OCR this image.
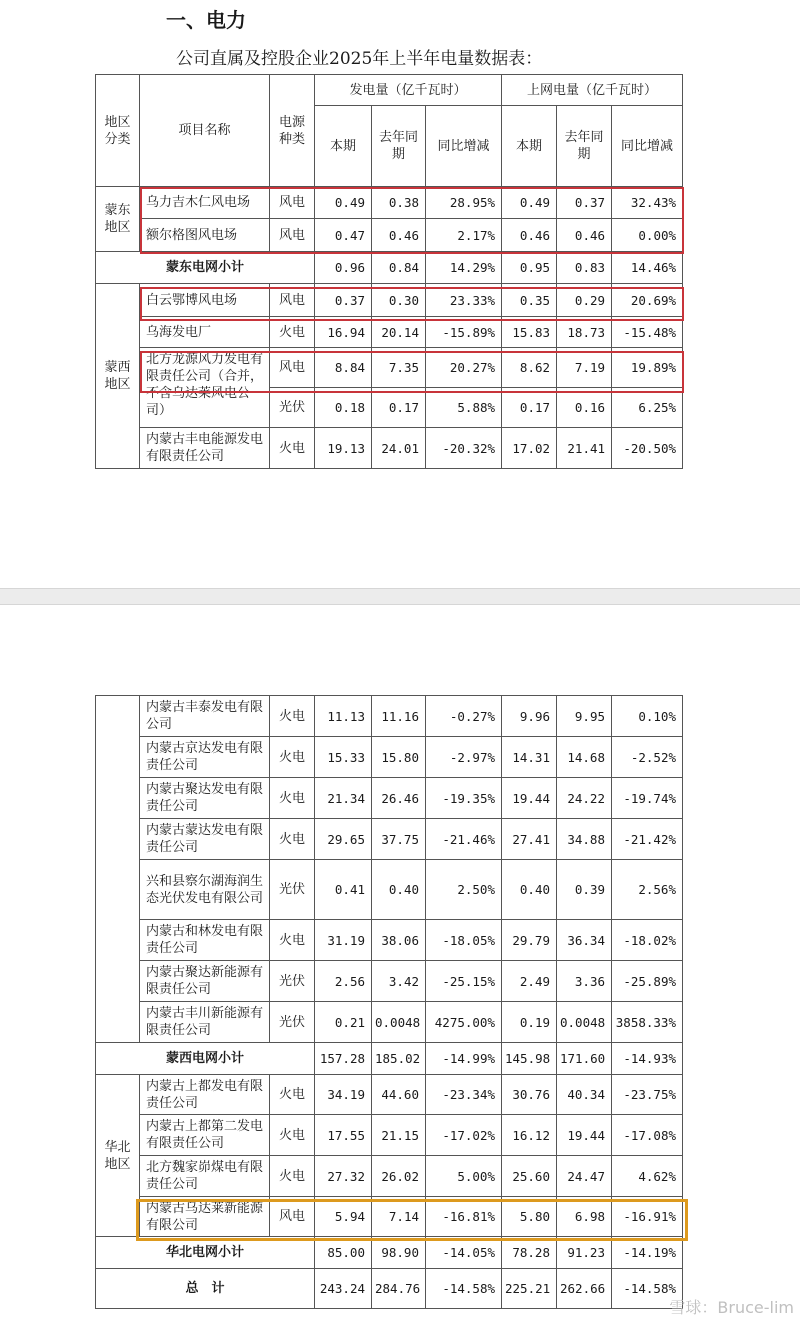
一、电力
公司直属及控股企业2025年上半年电量数据表：
地区分类	项目名称	电源种类	发电量（亿千瓦时）			上网电量（亿千瓦时）		
			本期	去年同期	同比增减	本期	去年同期	同比增减
蒙东地区	乌力吉木仁风电场	风电	0.49	0.38	28.95%	0.49	0.37	32.43%
	额尔格图风电场	风电	0.47	0.46	2.17%	0.46	0.46	0.00%
蒙东电网小计			0.96	0.84	14.29%	0.95	0.83	14.46%
蒙西地区	白云鄂博风电场	风电	0.37	0.30	23.33%	0.35	0.29	20.69%
	乌海发电厂	火电	16.94	20.14	-15.89%	15.83	18.73	-15.48%
	北方龙源风力发电有限责任公司（合并，不含乌达莱风电公司）	风电	8.84	7.35	20.27%	8.62	7.19	19.89%
		光伏	0.18	0.17	5.88%	0.17	0.16	6.25%
	内蒙古丰电能源发电有限责任公司	火电	19.13	24.01	-20.32%	17.02	21.41	-20.50%
	内蒙古丰泰发电有限公司	火电	11.13	11.16	-0.27%	9.96	9.95	0.10%
	内蒙古京达发电有限责任公司	火电	15.33	15.80	-2.97%	14.31	14.68	-2.52%
	内蒙古聚达发电有限责任公司	火电	21.34	26.46	-19.35%	19.44	24.22	-19.74%
	内蒙古蒙达发电有限责任公司	火电	29.65	37.75	-21.46%	27.41	34.88	-21.42%
	兴和县察尔湖海润生态光伏发电有限公司	光伏	0.41	0.40	2.50%	0.40	0.39	2.56%
	内蒙古和林发电有限责任公司	火电	31.19	38.06	-18.05%	29.79	36.34	-18.02%
	内蒙古聚达新能源有限责任公司	光伏	2.56	3.42	-25.15%	2.49	3.36	-25.89%
	内蒙古丰川新能源有限责任公司	光伏	0.21	0.0048	4275.00%	0.19	0.0048	3858.33%
蒙西电网小计			157.28	185.02	-14.99%	145.98	171.60	-14.93%
华北地区	内蒙古上都发电有限责任公司	火电	34.19	44.60	-23.34%	30.76	40.34	-23.75%
	内蒙古上都第二发电有限责任公司	火电	17.55	21.15	-17.02%	16.12	19.44	-17.08%
	北方魏家峁煤电有限责任公司	火电	27.32	26.02	5.00%	25.60	24.47	4.62%
	内蒙古乌达莱新能源有限公司	风电	5.94	7.14	-16.81%	5.80	6.98	-16.91%
华北电网小计			85.00	98.90	-14.05%	78.28	91.23	-14.19%
总　计			243.24	284.76	-14.58%	225.21	262.66	-14.58%
雪球：Bruce-lim
